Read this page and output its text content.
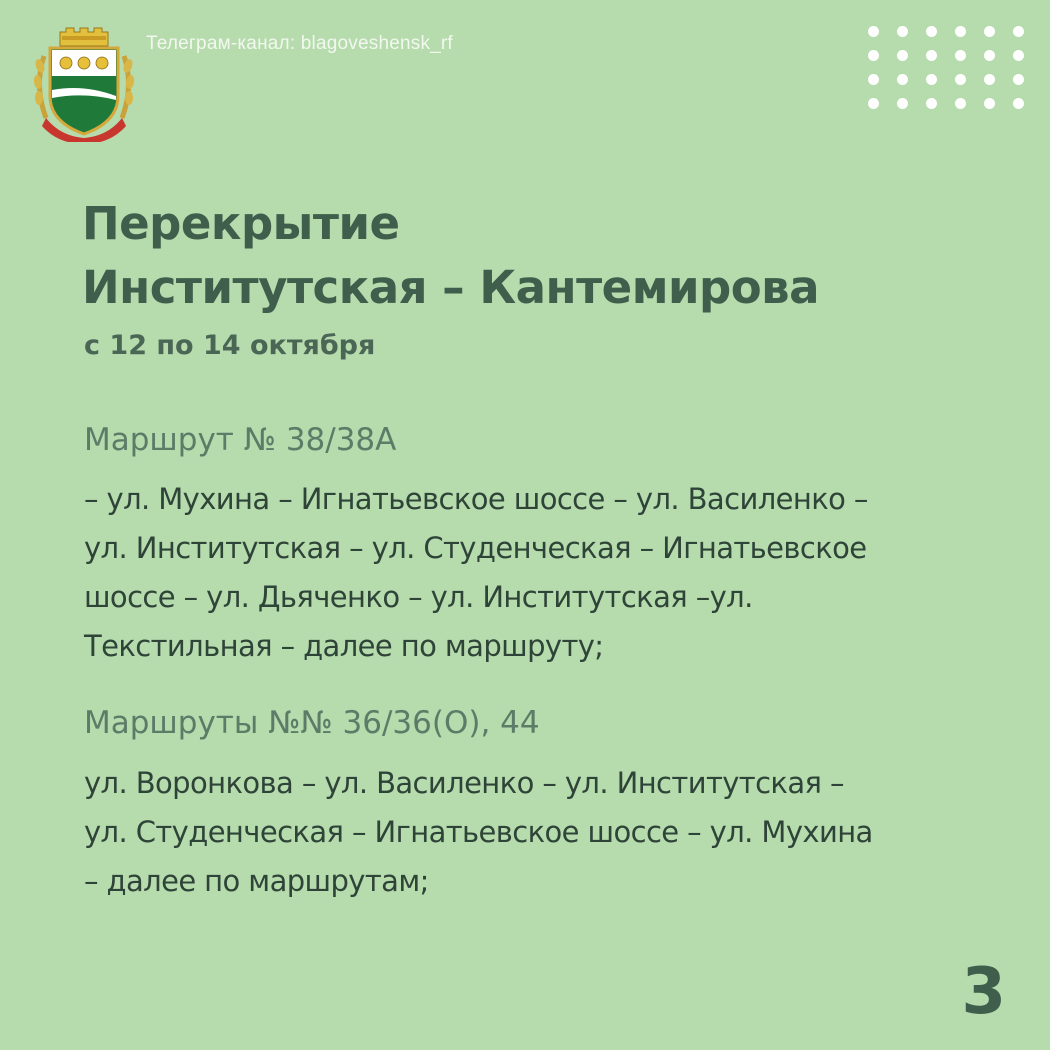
Телеграм-канал: blagoveshensk_rf
Перекрытие
Институтская – Кантемирова
с 12 по 14 октября
Маршрут № 38/38А
– ул. Мухина – Игнатьевское шоссе – ул. Василенко –
ул. Институтская – ул. Студенческая – Игнатьевское
шоссе – ул. Дьяченко – ул. Институтская –ул.
Текстильная – далее по маршруту;
Маршруты №№ 36/36(О), 44
ул. Воронкова – ул. Василенко – ул. Институтская –
ул. Студенческая – Игнатьевское шоссе – ул. Мухина
– далее по маршрутам;
3
